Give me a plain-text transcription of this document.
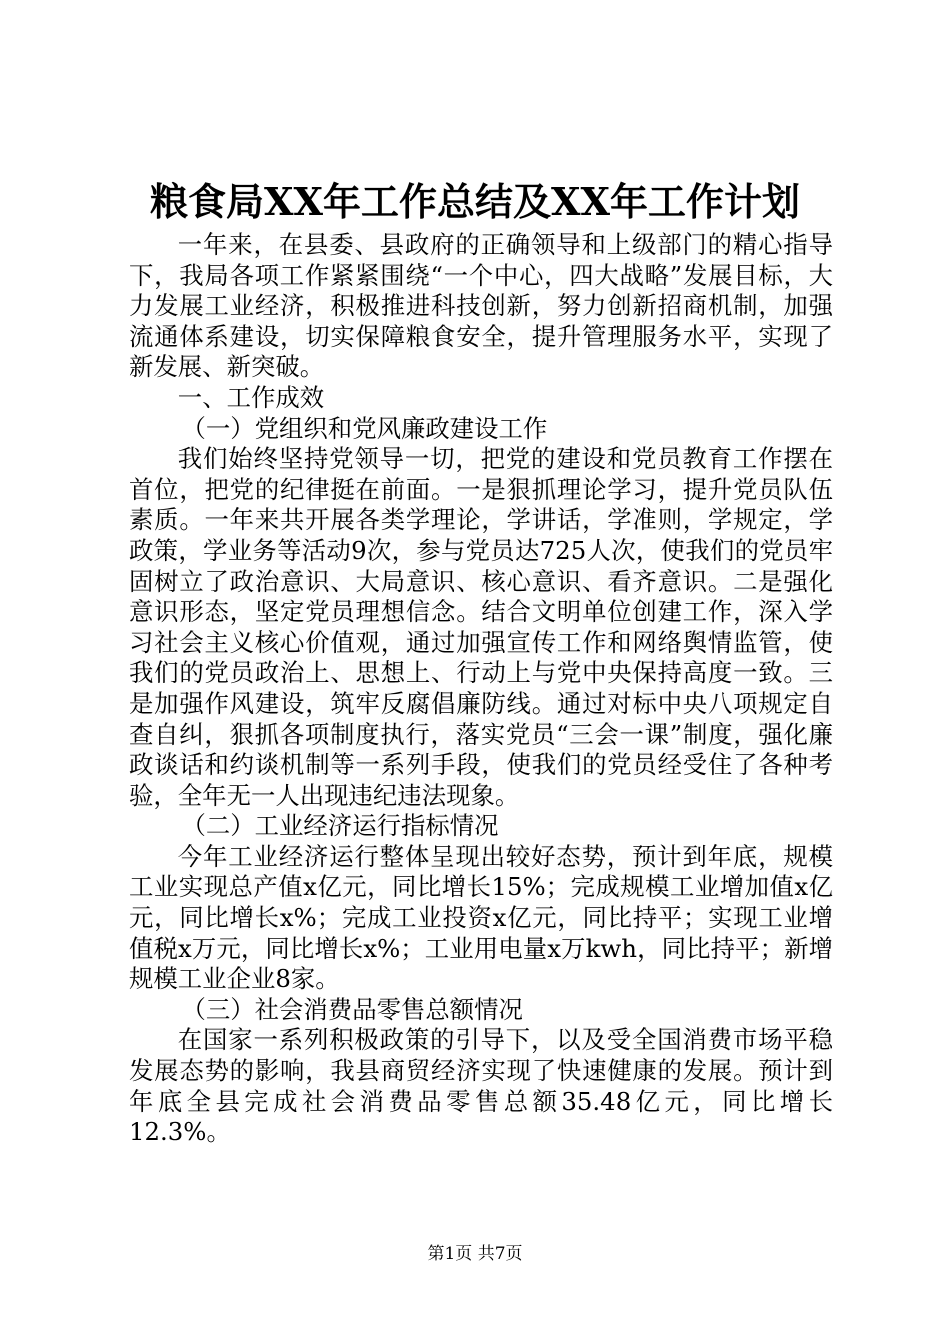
粮食局XX年工作总结及XX年工作计划

一年来，在县委、县政府的正确领导和上级部门的精心指导下，我局各项工作紧紧围绕“一个中心，四大战略”发展目标，大力发展工业经济，积极推进科技创新，努力创新招商机制，加强流通体系建设，切实保障粮食安全，提升管理服务水平，实现了新发展、新突破。

一、工作成效

（一）党组织和党风廉政建设工作

我们始终坚持党领导一切，把党的建设和党员教育工作摆在首位，把党的纪律挺在前面。一是狠抓理论学习，提升党员队伍素质。一年来共开展各类学理论，学讲话，学准则，学规定，学政策，学业务等活动9次，参与党员达725人次，使我们的党员牢固树立了政治意识、大局意识、核心意识、看齐意识。二是强化意识形态，坚定党员理想信念。结合文明单位创建工作，深入学习社会主义核心价值观，通过加强宣传工作和网络舆情监管，使我们的党员政治上、思想上、行动上与党中央保持高度一致。三是加强作风建设，筑牢反腐倡廉防线。通过对标中央八项规定自查自纠，狠抓各项制度执行，落实党员“三会一课”制度，强化廉政谈话和约谈机制等一系列手段，使我们的党员经受住了各种考验，全年无一人出现违纪违法现象。

（二）工业经济运行指标情况

今年工业经济运行整体呈现出较好态势，预计到年底，规模工业实现总产值x亿元，同比增长15%；完成规模工业增加值x亿元，同比增长x%；完成工业投资x亿元，同比持平；实现工业增值税x万元，同比增长x%；工业用电量x万kwh，同比持平；新增规模工业企业8家。

（三）社会消费品零售总额情况

在国家一系列积极政策的引导下，以及受全国消费市场平稳发展态势的影响，我县商贸经济实现了快速健康的发展。预计到年底全县完成社会消费品零售总额35.48亿元，同比增长12.3%。

第1页 共7页
